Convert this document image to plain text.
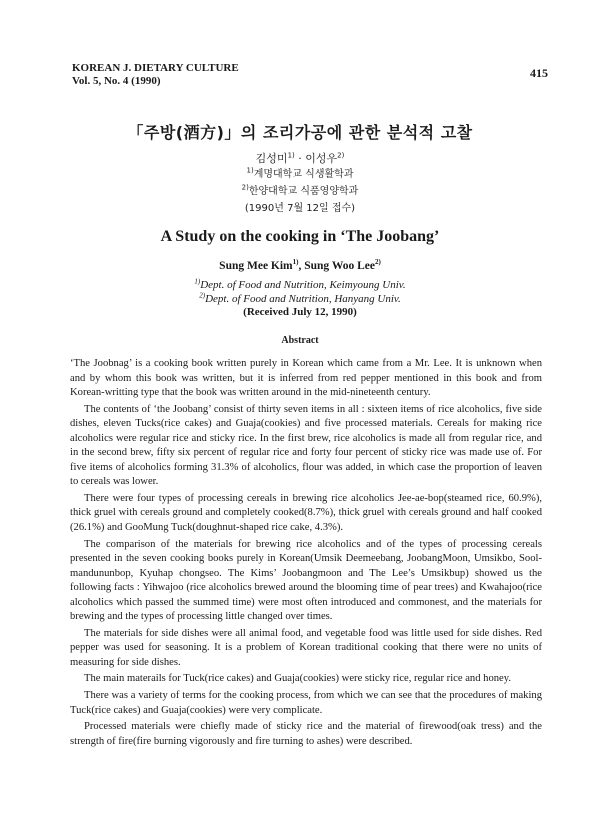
KOREAN J. DIETARY CULTURE
Vol. 5, No. 4 (1990)
415
「주방(酒方)」의 조리가공에 관한 분석적 고찰
김성미$^{1)}$ · 이성우$^{2)}$
$^{1)}$계명대학교 식생활학과
$^{2)}$한양대학교 식품영양학과
(1990년 7월 12일 접수)
A Study on the cooking in ‘The Joobang’
Sung Mee Kim$^{1)}$, Sung Woo Lee$^{2)}$
$^{1)}$Dept. of Food and Nutrition, Keimyoung Univ.
$^{2)}$Dept. of Food and Nutrition, Hanyang Univ.
(Received July 12, 1990)
Abstract

‘The Joobnag’ is a cooking book written purely in Korean which came from a Mr. Lee. It is unknown when and by whom this book was written, but it is inferred from red pepper mentioned in this book and from Korean-writting type that the book was written around in the mid-nineteenth century.

The contents of ‘the Joobang’ consist of thirty seven items in all : sixteen items of rice alcoholics, five side dishes, eleven Tucks(rice cakes) and Guaja(cookies) and five processed materials. Cereals for making rice alcoholics were regular rice and sticky rice. In the first brew, rice alcoholics is made all from regular rice, and in the second brew, fifty six percent of regular rice and forty four percent of sticky rice was made use of. For five items of alcoholics forming 31.3% of alcoholics, flour was added, in which case the proportion of leaven to cereals was lower.

There were four types of processing cereals in brewing rice alcoholics Jee-ae-bop(steamed rice, 60.9%), thick gruel with cereals ground and completely cooked(8.7%), thick gruel with cereals ground and half cooked (26.1%) and GooMung Tuck(doughnut-shaped rice cake, 4.3%).

The comparison of the materials for brewing rice alcoholics and of the types of processing cereals presented in the seven cooking books purely in Korean(Umsik Deemeebang, JoobangMoon, Umsikbo, Sool-mandununbop, Kyuhap chongseo. The Kims’ Joobangmoon and The Lee’s Umsikbup) showed us the following facts : Yihwajoo (rice alcoholics brewed around the blooming time of pear trees) and Kwahajoo(rice alcoholics which passed the summed time) were most often introduced and commonest, and the materials for brewing and the types of processing little changed over times.

The materials for side dishes were all animal food, and vegetable food was little used for side dishes. Red pepper was used for seasoning. It is a problem of Korean traditional cooking that there were no units of measuring for side dishes.

The main materails for Tuck(rice cakes) and Guaja(cookies) were sticky rice, regular rice and honey.

There was a variety of terms for the cooking process, from which we can see that the procedures of making Tuck(rice cakes) and Guaja(cookies) were very complicate.

Processed materials were chiefly made of sticky rice and the material of firewood(oak tress) and the strength of fire(fire burning vigorously and fire turning to ashes) were described.
